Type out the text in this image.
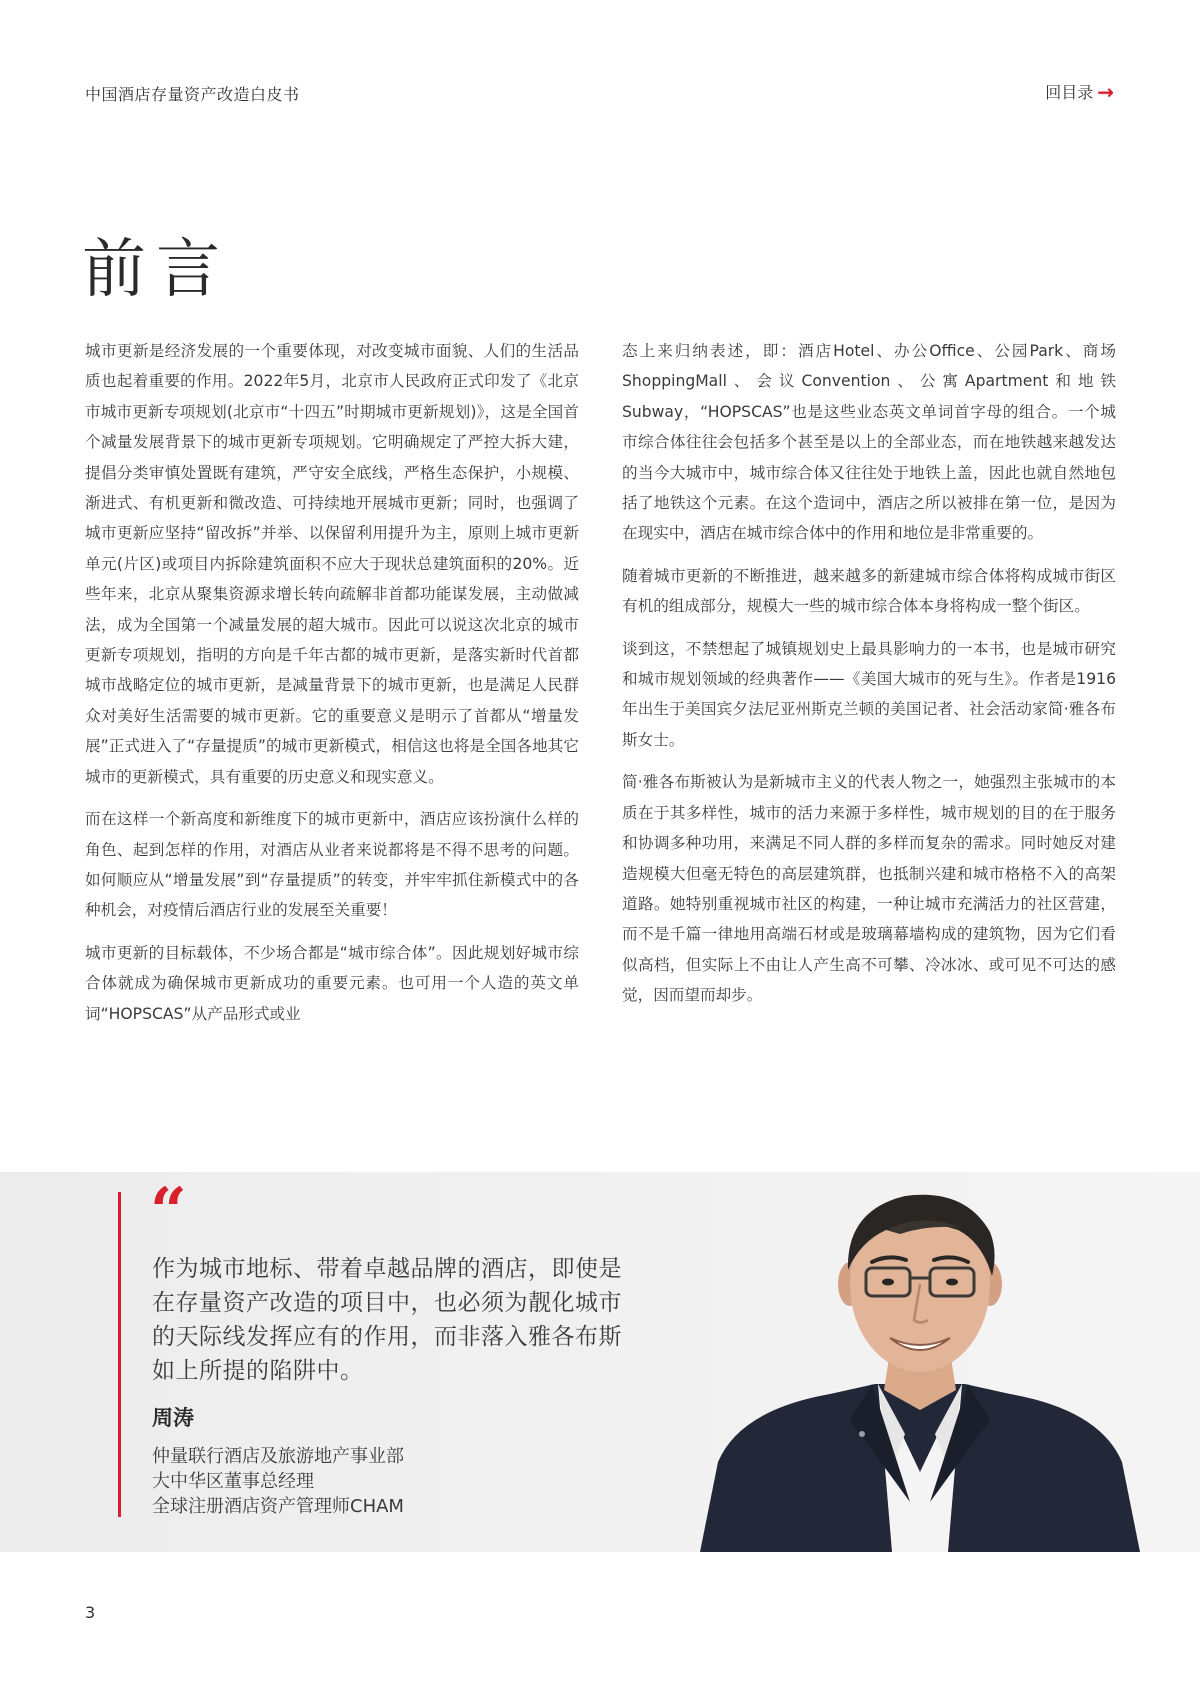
中国酒店存量资产改造白皮书	回目录 →
前言

城市更新是经济发展的一个重要体现，对改变城市面貌、人们的生活品质也起着重要的作用。2022年5月，北京市人民政府正式印发了《北京市城市更新专项规划(北京市“十四五”时期城市更新规划)》，这是全国首个减量发展背景下的城市更新专项规划。它明确规定了严控大拆大建，提倡分类审慎处置既有建筑，严守安全底线，严格生态保护，小规模、渐进式、有机更新和微改造、可持续地开展城市更新；同时，也强调了城市更新应坚持“留改拆”并举、以保留利用提升为主，原则上城市更新单元(片区)或项目内拆除建筑面积不应大于现状总建筑面积的20%。近些年来，北京从聚集资源求增长转向疏解非首都功能谋发展，主动做减法，成为全国第一个减量发展的超大城市。因此可以说这次北京的城市更新专项规划，指明的方向是千年古都的城市更新，是落实新时代首都城市战略定位的城市更新，是减量背景下的城市更新，也是满足人民群众对美好生活需要的城市更新。它的重要意义是明示了首都从“增量发展”正式进入了“存量提质”的城市更新模式，相信这也将是全国各地其它城市的更新模式，具有重要的历史意义和现实意义。

而在这样一个新高度和新维度下的城市更新中，酒店应该扮演什么样的角色、起到怎样的作用，对酒店从业者来说都将是不得不思考的问题。如何顺应从“增量发展”到“存量提质”的转变，并牢牢抓住新模式中的各种机会，对疫情后酒店行业的发展至关重要！

城市更新的目标载体，不少场合都是“城市综合体”。因此规划好城市综合体就成为确保城市更新成功的重要元素。也可用一个人造的英文单词“HOPSCAS”从产品形式或业

态上来归纳表述，即：酒店Hotel、办公Office、公园Park、商场ShoppingMall、会议Convention、公寓Apartment和地铁Subway，“HOPSCAS”也是这些业态英文单词首字母的组合。一个城市综合体往往会包括多个甚至是以上的全部业态，而在地铁越来越发达的当今大城市中，城市综合体又往往处于地铁上盖，因此也就自然地包括了地铁这个元素。在这个造词中，酒店之所以被排在第一位，是因为在现实中，酒店在城市综合体中的作用和地位是非常重要的。

随着城市更新的不断推进，越来越多的新建城市综合体将构成城市街区有机的组成部分，规模大一些的城市综合体本身将构成一整个街区。

谈到这，不禁想起了城镇规划史上最具影响力的一本书，也是城市研究和城市规划领域的经典著作——《美国大城市的死与生》。作者是1916年出生于美国宾夕法尼亚州斯克兰顿的美国记者、社会活动家简·雅各布斯女士。

简·雅各布斯被认为是新城市主义的代表人物之一，她强烈主张城市的本质在于其多样性，城市的活力来源于多样性，城市规划的目的在于服务和协调多种功用，来满足不同人群的多样而复杂的需求。同时她反对建造规模大但毫无特色的高层建筑群，也抵制兴建和城市格格不入的高架道路。她特别重视城市社区的构建，一种让城市充满活力的社区营建，而不是千篇一律地用高端石材或是玻璃幕墙构成的建筑物，因为它们看似高档，但实际上不由让人产生高不可攀、冷冰冰、或可见不可达的感觉，因而望而却步。

“

作为城市地标、带着卓越品牌的酒店，即使是在存量资产改造的项目中，也必须为靓化城市的天际线发挥应有的作用，而非落入雅各布斯如上所提的陷阱中。

周涛
仲量联行酒店及旅游地产事业部
大中华区董事总经理
全球注册酒店资产管理师CHAM
3
